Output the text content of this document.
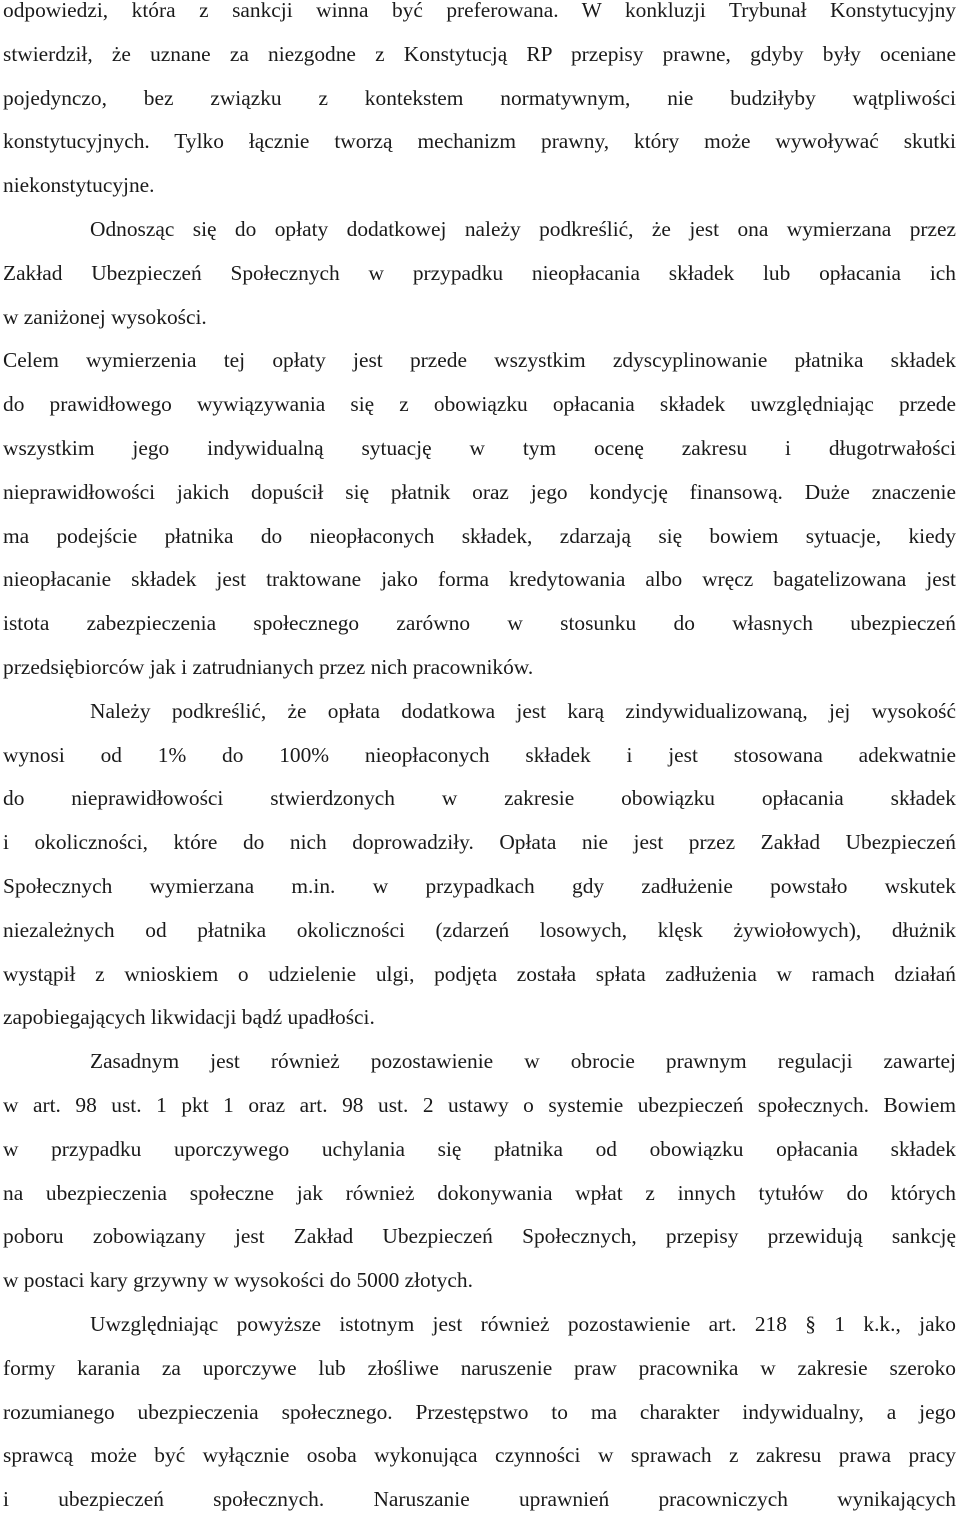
odpowiedzi, która z sankcji winna być preferowana. W konkluzji Trybunał Konstytucyjny
stwierdził, że uznane za niezgodne z Konstytucją RP przepisy prawne, gdyby były oceniane
pojedynczo, bez związku z kontekstem normatywnym, nie budziłyby wątpliwości
konstytucyjnych. Tylko łącznie tworzą mechanizm prawny, który może wywoływać skutki
niekonstytucyjne.
Odnosząc się do opłaty dodatkowej należy podkreślić, że jest ona wymierzana przez
Zakład Ubezpieczeń Społecznych w przypadku nieopłacania składek lub opłacania ich
w zaniżonej wysokości.
Celem wymierzenia tej opłaty jest przede wszystkim zdyscyplinowanie płatnika składek
do prawidłowego wywiązywania się z obowiązku opłacania składek uwzględniając przede
wszystkim jego indywidualną sytuację w tym ocenę zakresu i długotrwałości
nieprawidłowości jakich dopuścił się płatnik oraz jego kondycję finansową. Duże znaczenie
ma podejście płatnika do nieopłaconych składek, zdarzają się bowiem sytuacje, kiedy
nieopłacanie składek jest traktowane jako forma kredytowania albo wręcz bagatelizowana jest
istota zabezpieczenia społecznego zarówno w stosunku do własnych ubezpieczeń
przedsiębiorców jak i zatrudnianych przez nich pracowników.
Należy podkreślić, że opłata dodatkowa jest karą zindywidualizowaną, jej wysokość
wynosi od 1% do 100% nieopłaconych składek i jest stosowana adekwatnie
do nieprawidłowości stwierdzonych w zakresie obowiązku opłacania składek
i okoliczności, które do nich doprowadziły. Opłata nie jest przez Zakład Ubezpieczeń
Społecznych wymierzana m.in. w przypadkach gdy zadłużenie powstało wskutek
niezależnych od płatnika okoliczności (zdarzeń losowych, klęsk żywiołowych), dłużnik
wystąpił z wnioskiem o udzielenie ulgi, podjęta została spłata zadłużenia w ramach działań
zapobiegających likwidacji bądź upadłości.
Zasadnym jest również pozostawienie w obrocie prawnym regulacji zawartej
w art. 98 ust. 1 pkt 1 oraz art. 98 ust. 2 ustawy o systemie ubezpieczeń społecznych. Bowiem
w przypadku uporczywego uchylania się płatnika od obowiązku opłacania składek
na ubezpieczenia społeczne jak również dokonywania wpłat z innych tytułów do których
poboru zobowiązany jest Zakład Ubezpieczeń Społecznych, przepisy przewidują sankcję
w postaci kary grzywny w wysokości do 5000 złotych.
Uwzględniając powyższe istotnym jest również pozostawienie art. 218 § 1 k.k., jako
formy karania za uporczywe lub złośliwe naruszenie praw pracownika w zakresie szeroko
rozumianego ubezpieczenia społecznego. Przestępstwo to ma charakter indywidualny, a jego
sprawcą może być wyłącznie osoba wykonująca czynności w sprawach z zakresu prawa pracy
i ubezpieczeń społecznych. Naruszanie uprawnień pracowniczych wynikających
